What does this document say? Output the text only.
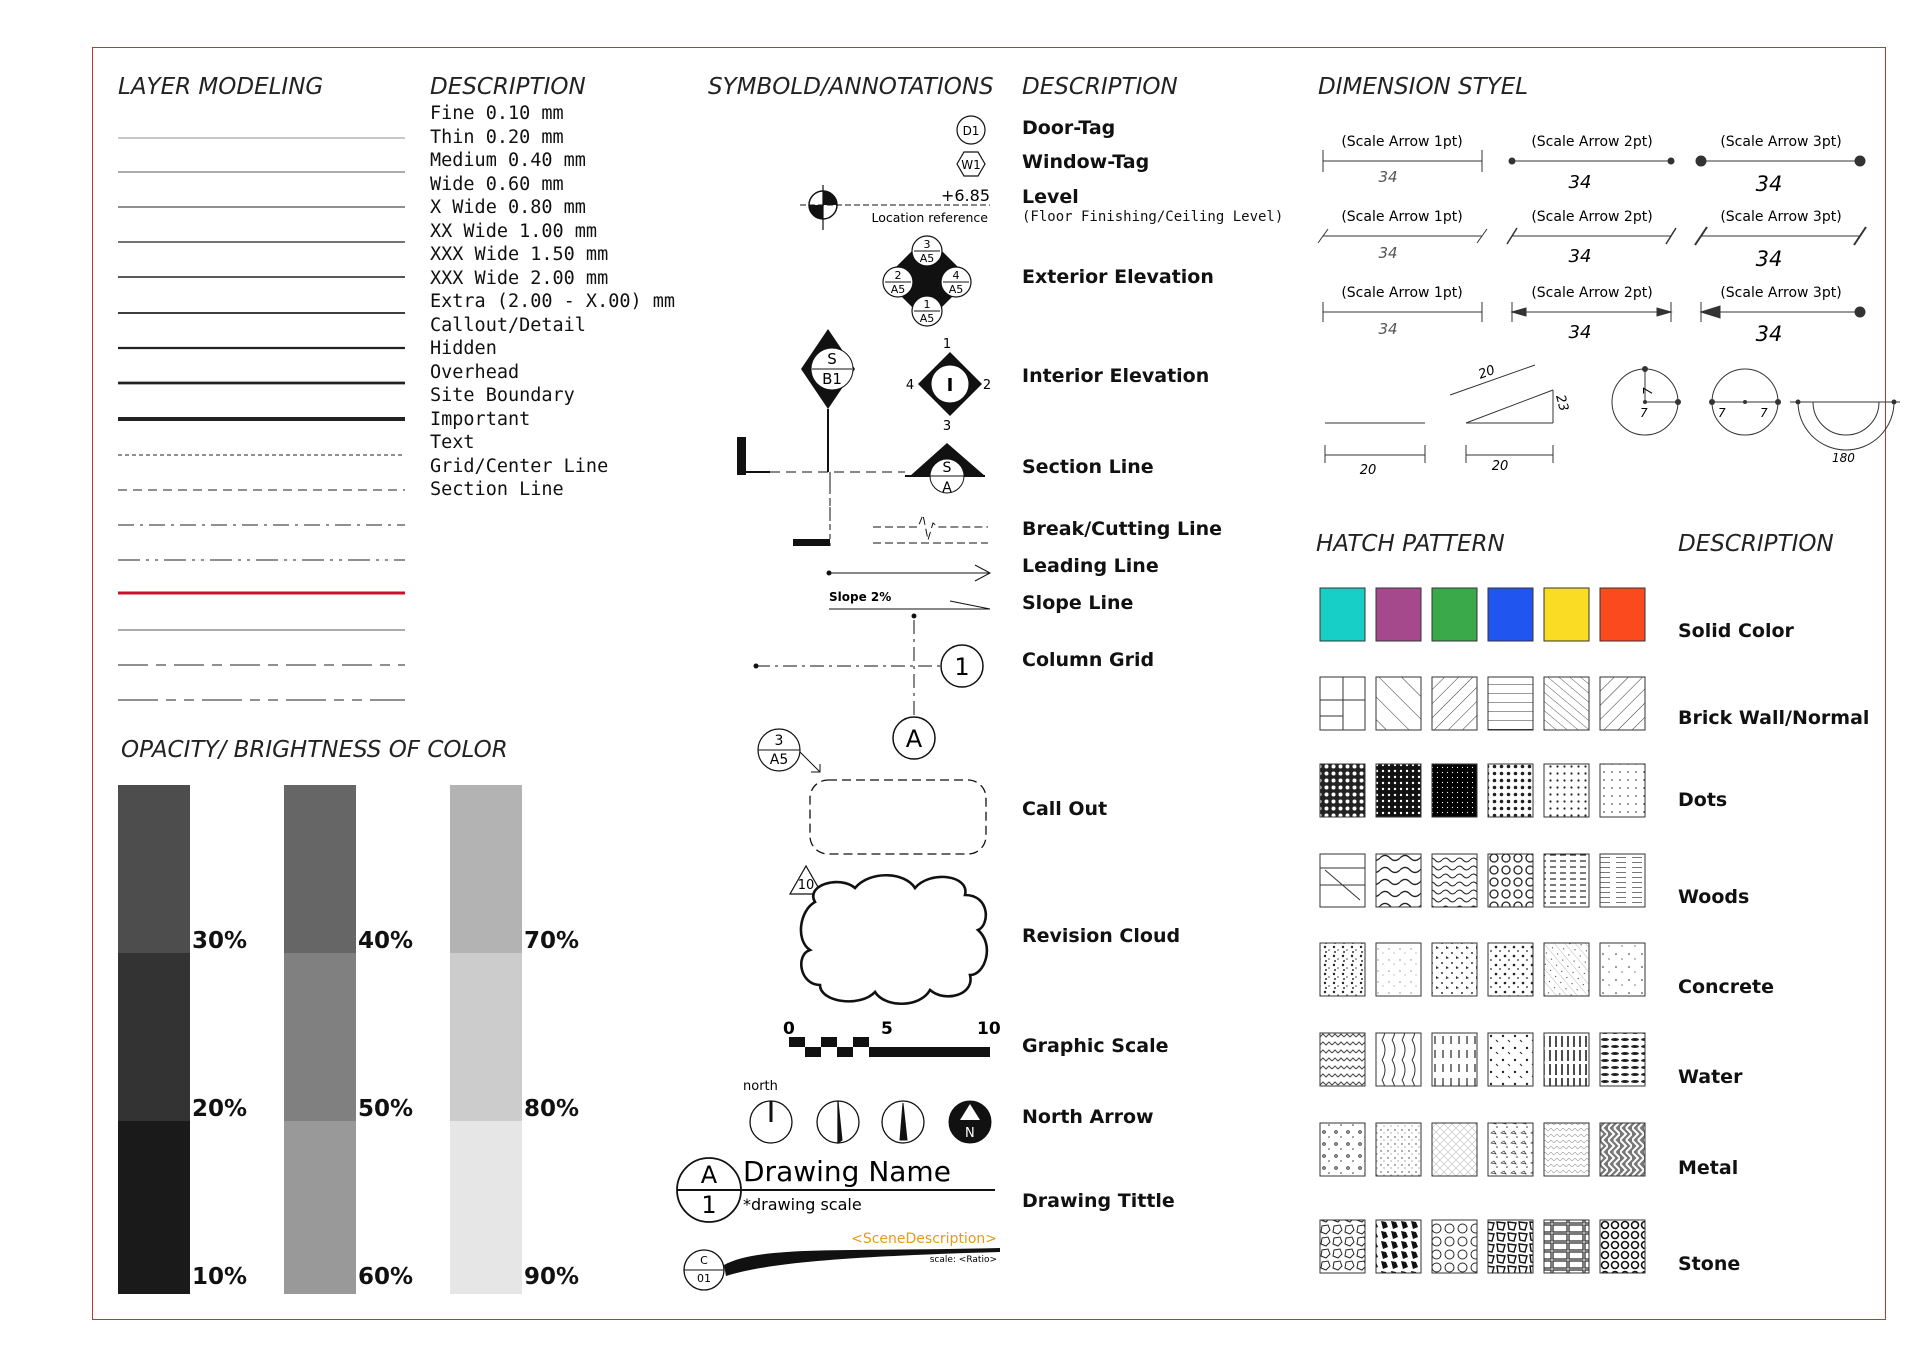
LAYER MODELING	DESCRIPTION	SYMBOLD/ANNOTATIONS DESCRIPTION	DIMENSION STYEL
HATCH PATTERN	DESCRIPTION
OPACITY/ BRIGHTNESS OF COLOR
Fine 0.10 mm
Thin 0.20 mm
Medium 0.40 mm
Wide 0.60 mm
X Wide 0.80 mm
XX Wide 1.00 mm
XXX Wide 1.50 mm
XXX Wide 2.00 mm
Extra (2.00 - X.00) mm
Callout/Detail
Hidden
Overhead
Site Boundary
Important
Text
Grid/Center Line
Section Line
30%
20%
10%
40%
50%
60%
70%
80%
90%
Door-Tag
Window-Tag
Level
(Floor Finishing/Ceiling Level)
Exterior Elevation
Interior Elevation
Section Line
Break/Cutting Line
Leading Line
Slope Line
Column Grid
Call Out
Revision Cloud
Graphic Scale
North Arrow
Drawing Tittle
D1
W1
+6.85
Location reference
3
A5
2
A5
4
A5
1
A5
I
1
2
3
4
S
B1
S
A
Slope 2%
1
A
3
A5
10
0	5	10
north
N
A
1
Drawing Name
*drawing scale
C
01
<SceneDescription>
scale: <Ratio>
(Scale Arrow 1pt)	(Scale Arrow 2pt)	(Scale Arrow 3pt)
34	34	34
(Scale Arrow 1pt)	(Scale Arrow 2pt)	(Scale Arrow 3pt)
34	34	34
(Scale Arrow 1pt)	(Scale Arrow 2pt)	(Scale Arrow 3pt)
34	34	34
20	20
20
23
7
7	7	7
180
Solid Color
Brick Wall/Normal
Dots
Woods
Concrete
Water
Metal
Stone
